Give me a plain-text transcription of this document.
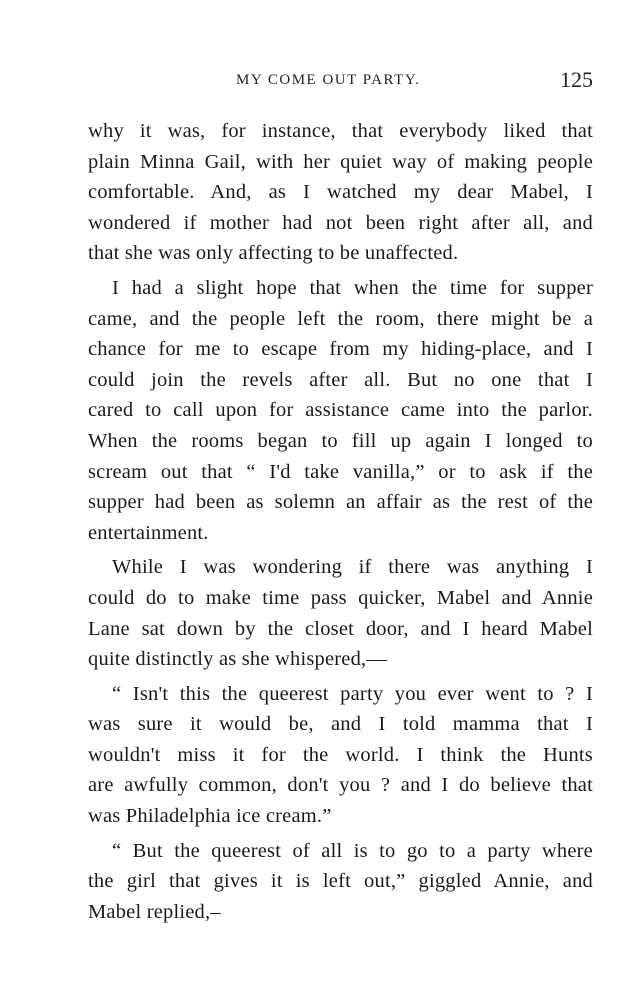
MY COME OUT PARTY.	125

why it was, for instance, that everybody liked that
plain Minna Gail, with her quiet way of making people
comfortable. And, as I watched my dear Mabel, I
wondered if mother had not been right after all, and
that she was only affecting to be unaffected.

I had a slight hope that when the time for supper
came, and the people left the room, there might be a
chance for me to escape from my hiding-place, and I
could join the revels after all. But no one that I
cared to call upon for assistance came into the parlor.
When the rooms began to fill up again I longed to
scream out that “ I'd take vanilla,” or to ask if the
supper had been as solemn an affair as the rest of the
entertainment.

While I was wondering if there was anything I
could do to make time pass quicker, Mabel and Annie
Lane sat down by the closet door, and I heard Mabel
quite distinctly as she whispered,—

“ Isn't this the queerest party you ever went to ? I
was sure it would be, and I told mamma that I
wouldn't miss it for the world. I think the Hunts
are awfully common, don't you ? and I do believe that
was Philadelphia ice cream.”

“ But the queerest of all is to go to a party where
the girl that gives it is left out,” giggled Annie, and
Mabel replied,–
